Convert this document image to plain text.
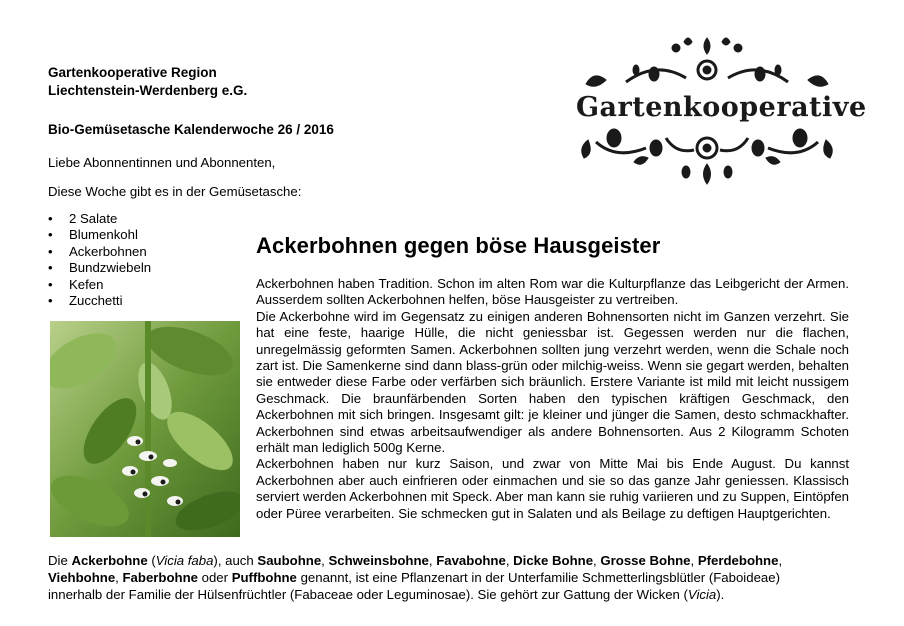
Gartenkooperative Region
Liechtenstein-Werdenberg e.G.
Bio-Gemüsetasche Kalenderwoche 26 / 2016
Liebe Abonnentinnen und Abonnenten,
Diese Woche gibt es in der Gemüsetasche:
• 2 Salate
• Blumenkohl
• Ackerbohnen
• Bundzwiebeln
• Kefen
• Zucchetti
Ackerbohnen gegen böse Hausgeister

Ackerbohnen haben Tradition. Schon im alten Rom war die Kulturpflanze das Leibgericht der Armen. Ausserdem sollten Ackerbohnen helfen, böse Hausgeister zu vertreiben.

Die Ackerbohne wird im Gegensatz zu einigen anderen Bohnensorten nicht im Ganzen verzehrt. Sie hat eine feste, haarige Hülle, die nicht geniessbar ist. Gegessen werden nur die flachen, unregelmässig geformten Samen. Ackerbohnen sollten jung verzehrt werden, wenn die Schale noch zart ist. Die Samenkerne sind dann blass-grün oder milchig-weiss. Wenn sie gegart werden, behalten sie entweder diese Farbe oder verfärben sich bräunlich. Erstere Variante ist mild mit leicht nussigem Geschmack. Die braunfärbenden Sorten haben den typischen kräftigen Geschmack, den Ackerbohnen mit sich bringen. Insgesamt gilt: je kleiner und jünger die Samen, desto schmackhafter. Ackerbohnen sind etwas arbeitsaufwendiger als andere Bohnensorten. Aus 2 Kilogramm Schoten erhält man lediglich 500g Kerne.

Ackerbohnen haben nur kurz Saison, und zwar von Mitte Mai bis Ende August. Du kannst Ackerbohnen aber auch einfrieren oder einmachen und sie so das ganze Jahr geniessen. Klassisch serviert werden Ackerbohnen mit Speck. Aber man kann sie ruhig variieren und zu Suppen, Eintöpfen oder Püree verarbeiten. Sie schmecken gut in Salaten und als Beilage zu deftigen Hauptgerichten.

Die Ackerbohne (Vicia faba), auch Saubohne, Schweinsbohne, Favabohne, Dicke Bohne, Grosse Bohne, Pferdebohne,
Viehbohne, Faberbohne oder Puffbohne genannt, ist eine Pflanzenart in der Unterfamilie Schmetterlingsblütler (Faboideae) innerhalb der Familie der Hülsenfrüchtler (Fabaceae oder Leguminosae). Sie gehört zur Gattung der Wicken (Vicia).
Gartenkooperative
